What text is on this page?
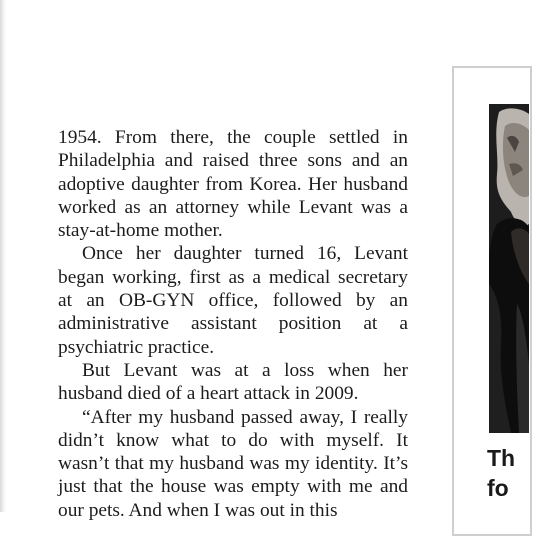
1954. From there, the couple settled in Philadelphia and raised three sons and an adoptive daughter from Korea. Her husband worked as an attorney while Levant was a stay-at-home mother.

Once her daughter turned 16, Levant began working, first as a medical secretary at an OB-GYN office, followed by an administrative assistant position at a psychiatric practice.

But Levant was at a loss when her husband died of a heart attack in 2009.

“After my husband passed away, I really didn’t know what to do with myself. It wasn’t that my husband was my identity. It’s just that the house was empty with me and our pets. And when I was out in this

Th
fo
